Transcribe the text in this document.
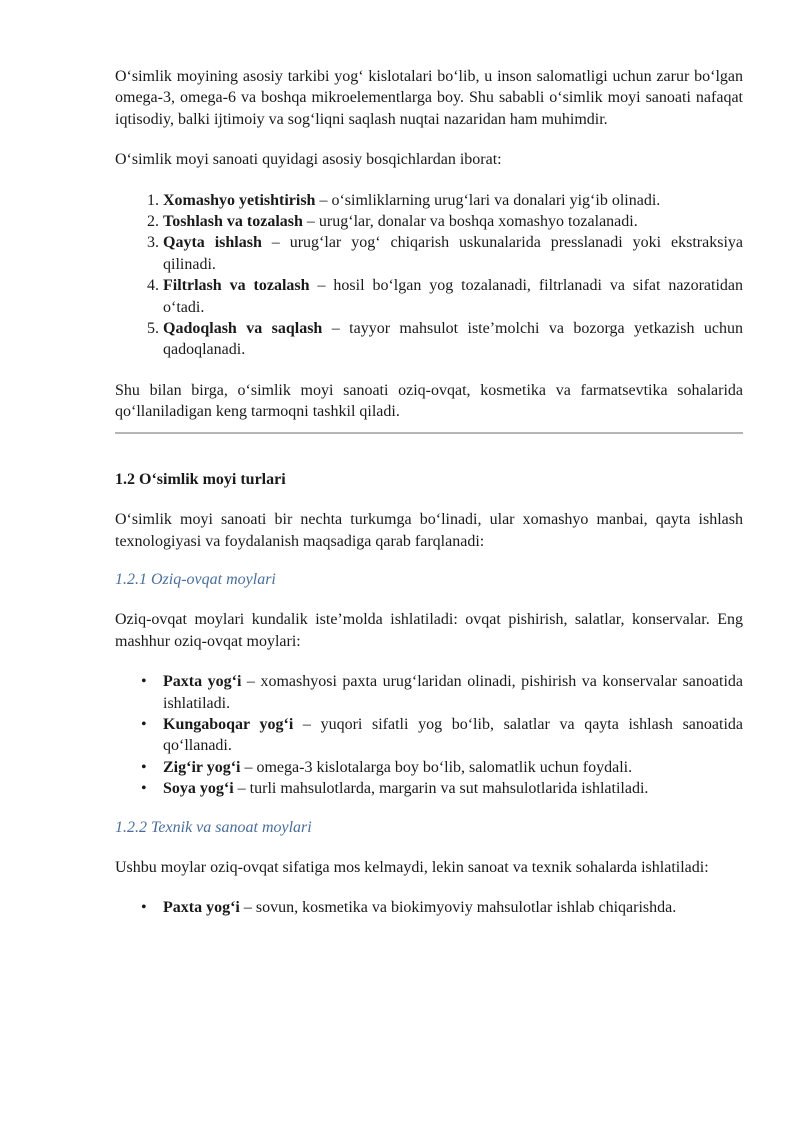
O‘simlik moyining asosiy tarkibi yog‘ kislotalari bo‘lib, u inson salomatligi uchun zarur bo‘lgan omega-3, omega-6 va boshqa mikroelementlarga boy. Shu sababli o‘simlik moyi sanoati nafaqat iqtisodiy, balki ijtimoiy va sog‘liqni saqlash nuqtai nazaridan ham muhimdir.

O‘simlik moyi sanoati quyidagi asosiy bosqichlardan iborat:

1. Xomashyo yetishtirish – o‘simliklarning urug‘lari va donalari yig‘ib olinadi.
2. Toshlash va tozalash – urug‘lar, donalar va boshqa xomashyo tozalanadi.
3. Qayta ishlash – urug‘lar yog‘ chiqarish uskunalarida presslanadi yoki ekstraksiya qilinadi.
4. Filtrlash va tozalash – hosil bo‘lgan yog tozalanadi, filtrlanadi va sifat nazoratidan o‘tadi.
5. Qadoqlash va saqlash – tayyor mahsulot iste’molchi va bozorga yetkazish uchun qadoqlanadi.

Shu bilan birga, o‘simlik moyi sanoati oziq-ovqat, kosmetika va farmatsevtika sohalarida qo‘llaniladigan keng tarmoqni tashkil qiladi.

1.2 O‘simlik moyi turlari

O‘simlik moyi sanoati bir nechta turkumga bo‘linadi, ular xomashyo manbai, qayta ishlash texnologiyasi va foydalanish maqsadiga qarab farqlanadi:

1.2.1 Oziq-ovqat moylari

Oziq-ovqat moylari kundalik iste’molda ishlatiladi: ovqat pishirish, salatlar, konservalar. Eng mashhur oziq-ovqat moylari:

• Paxta yog‘i – xomashyosi paxta urug‘laridan olinadi, pishirish va konservalar sanoatida ishlatiladi.
• Kungaboqar yog‘i – yuqori sifatli yog bo‘lib, salatlar va qayta ishlash sanoatida qo‘llanadi.
• Zig‘ir yog‘i – omega-3 kislotalarga boy bo‘lib, salomatlik uchun foydali.
• Soya yog‘i – turli mahsulotlarda, margarin va sut mahsulotlarida ishlatiladi.

1.2.2 Texnik va sanoat moylari

Ushbu moylar oziq-ovqat sifatiga mos kelmaydi, lekin sanoat va texnik sohalarda ishlatiladi:

• Paxta yog‘i – sovun, kosmetika va biokimyoviy mahsulotlar ishlab chiqarishda.
